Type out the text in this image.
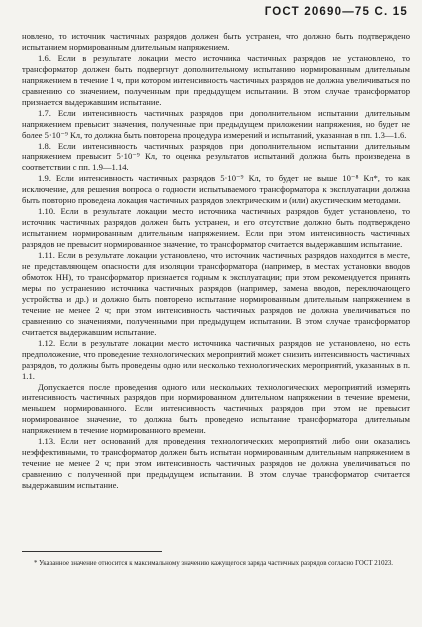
ГОСТ 20690—75 С. 15

новлено, то источник частичных разрядов должен быть устранен, что должно быть подтверждено испытанием нормированным длительным напряжением.

1.6. Если в результате локации место источника частичных разрядов не установлено, то трансформатор должен быть подвергнут дополнительному испытанию нормированным длительным напряжением в течение 1 ч, при котором интенсивность частичных разрядов не должна увеличиваться по сравнению со значением, полученным при предыдущем испытании. В этом случае трансформатор признается выдержавшим испытание.

1.7. Если интенсивность частичных разрядов при дополнительном испытании длительным напряжением превысит значения, полученные при предыдущем приложении напряжения, но будет не более 5·10⁻⁹ Кл, то должна быть повторена процедура измерений и испытаний, указанная в пп. 1.3—1.6.

1.8. Если интенсивность частичных разрядов при дополнительном испытании длительным напряжением превысит 5·10⁻⁹ Кл, то оценка результатов испытаний должна быть произведена в соответствии с пп. 1.9—1.14.

1.9. Если интенсивность частичных разрядов 5·10⁻⁹ Кл, то будет не выше 10⁻⁸ Кл*, то как исключение, для решения вопроса о годности испытываемого трансформатора к эксплуатации должна быть повторно проведена локация частичных разрядов электрическим и (или) акустическим методами.

1.10. Если в результате локации место источника частичных разрядов будет установлено, то источник частичных разрядов должен быть устранен, и его отсутствие должно быть подтверждено испытанием нормированным длительным напряжением. Если при этом интенсивность частичных разрядов не превысит нормированное значение, то трансформатор считается выдержавшим испытание.

1.11. Если в результате локации установлено, что источник частичных разрядов находится в месте, не представляющем опасности для изоляции трансформатора (например, в местах установки вводов обмоток НН), то трансформатор признается годным к эксплуатации; при этом рекомендуется принять меры по устранению источника частичных разрядов (например, замена вводов, переключающего устройства и др.) и должно быть повторено испытание нормированным длительным напряжением в течение не менее 2 ч; при этом интенсивность частичных разрядов не должна увеличиваться по сравнению со значениями, полученными при предыдущем испытании. В этом случае трансформатор считается выдержавшим испытание.

1.12. Если в результате локации место источника частичных разрядов не установлено, но есть предположение, что проведение технологических мероприятий может снизить интенсивность частичных разрядов, то должны быть проведены одно или несколько технологических мероприятий, указанных в п. 1.1.

Допускается после проведения одного или нескольких технологических мероприятий измерять интенсивность частичных разрядов при нормированном длительном напряжении в течение времени, меньшем нормированного. Если интенсивность частичных разрядов при этом не превысит нормированное значение, то должна быть проведено испытание трансформатора длительным напряжением в течение нормированного времени.

1.13. Если нет оснований для проведения технологических мероприятий либо они оказались неэффективными, то трансформатор должен быть испытан нормированным длительным напряжением в течение не менее 2 ч; при этом интенсивность частичных разрядов не должна увеличиваться по сравнению с полученной при предыдущем испытании. В этом случае трансформатор считается выдержавшим испытание.

* Указанное значение относится к максимальному значению кажущегося заряда частичных разрядов согласно ГОСТ 21023.
